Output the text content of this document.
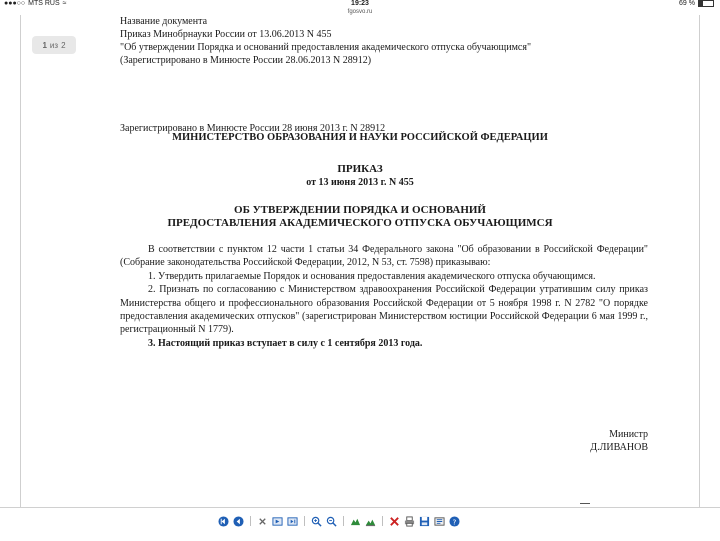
●●●○○ MTS RUS ≈	19:23	69 %
fgosvo.ru
Название документа
Приказ Минобрнауки России от 13.06.2013 N 455
"Об утверждении Порядка и оснований предоставления академического отпуска обучающимся"
(Зарегистрировано в Минюсте России 28.06.2013 N 28912)
Зарегистрировано в Минюсте России 28 июня 2013 г. N 28912
МИНИСТЕРСТВО ОБРАЗОВАНИЯ И НАУКИ РОССИЙСКОЙ ФЕДЕРАЦИИ
ПРИКАЗ
от 13 июня 2013 г. N 455
ОБ УТВЕРЖДЕНИИ ПОРЯДКА И ОСНОВАНИЙ
ПРЕДОСТАВЛЕНИЯ АКАДЕМИЧЕСКОГО ОТПУСКА ОБУЧАЮЩИМСЯ

В соответствии с пунктом 12 части 1 статьи 34 Федерального закона "Об образовании в Российской Федерации" (Собрание законодательства Российской Федерации, 2012, N 53, ст. 7598) приказываю:

1. Утвердить прилагаемые Порядок и основания предоставления академического отпуска обучающимся.

2. Признать по согласованию с Министерством здравоохранения Российской Федерации утратившим силу приказ Министерства общего и профессионального образования Российской Федерации от 5 ноября 1998 г. N 2782 "О порядке предоставления академических отпусков" (зарегистрирован Министерством юстиции Российской Федерации 6 мая 1999 г., регистрационный N 1779).

3. Настоящий приказ вступает в силу с 1 сентября 2013 года.

Министр
Д.ЛИВАНОВ
1 из 2
?
